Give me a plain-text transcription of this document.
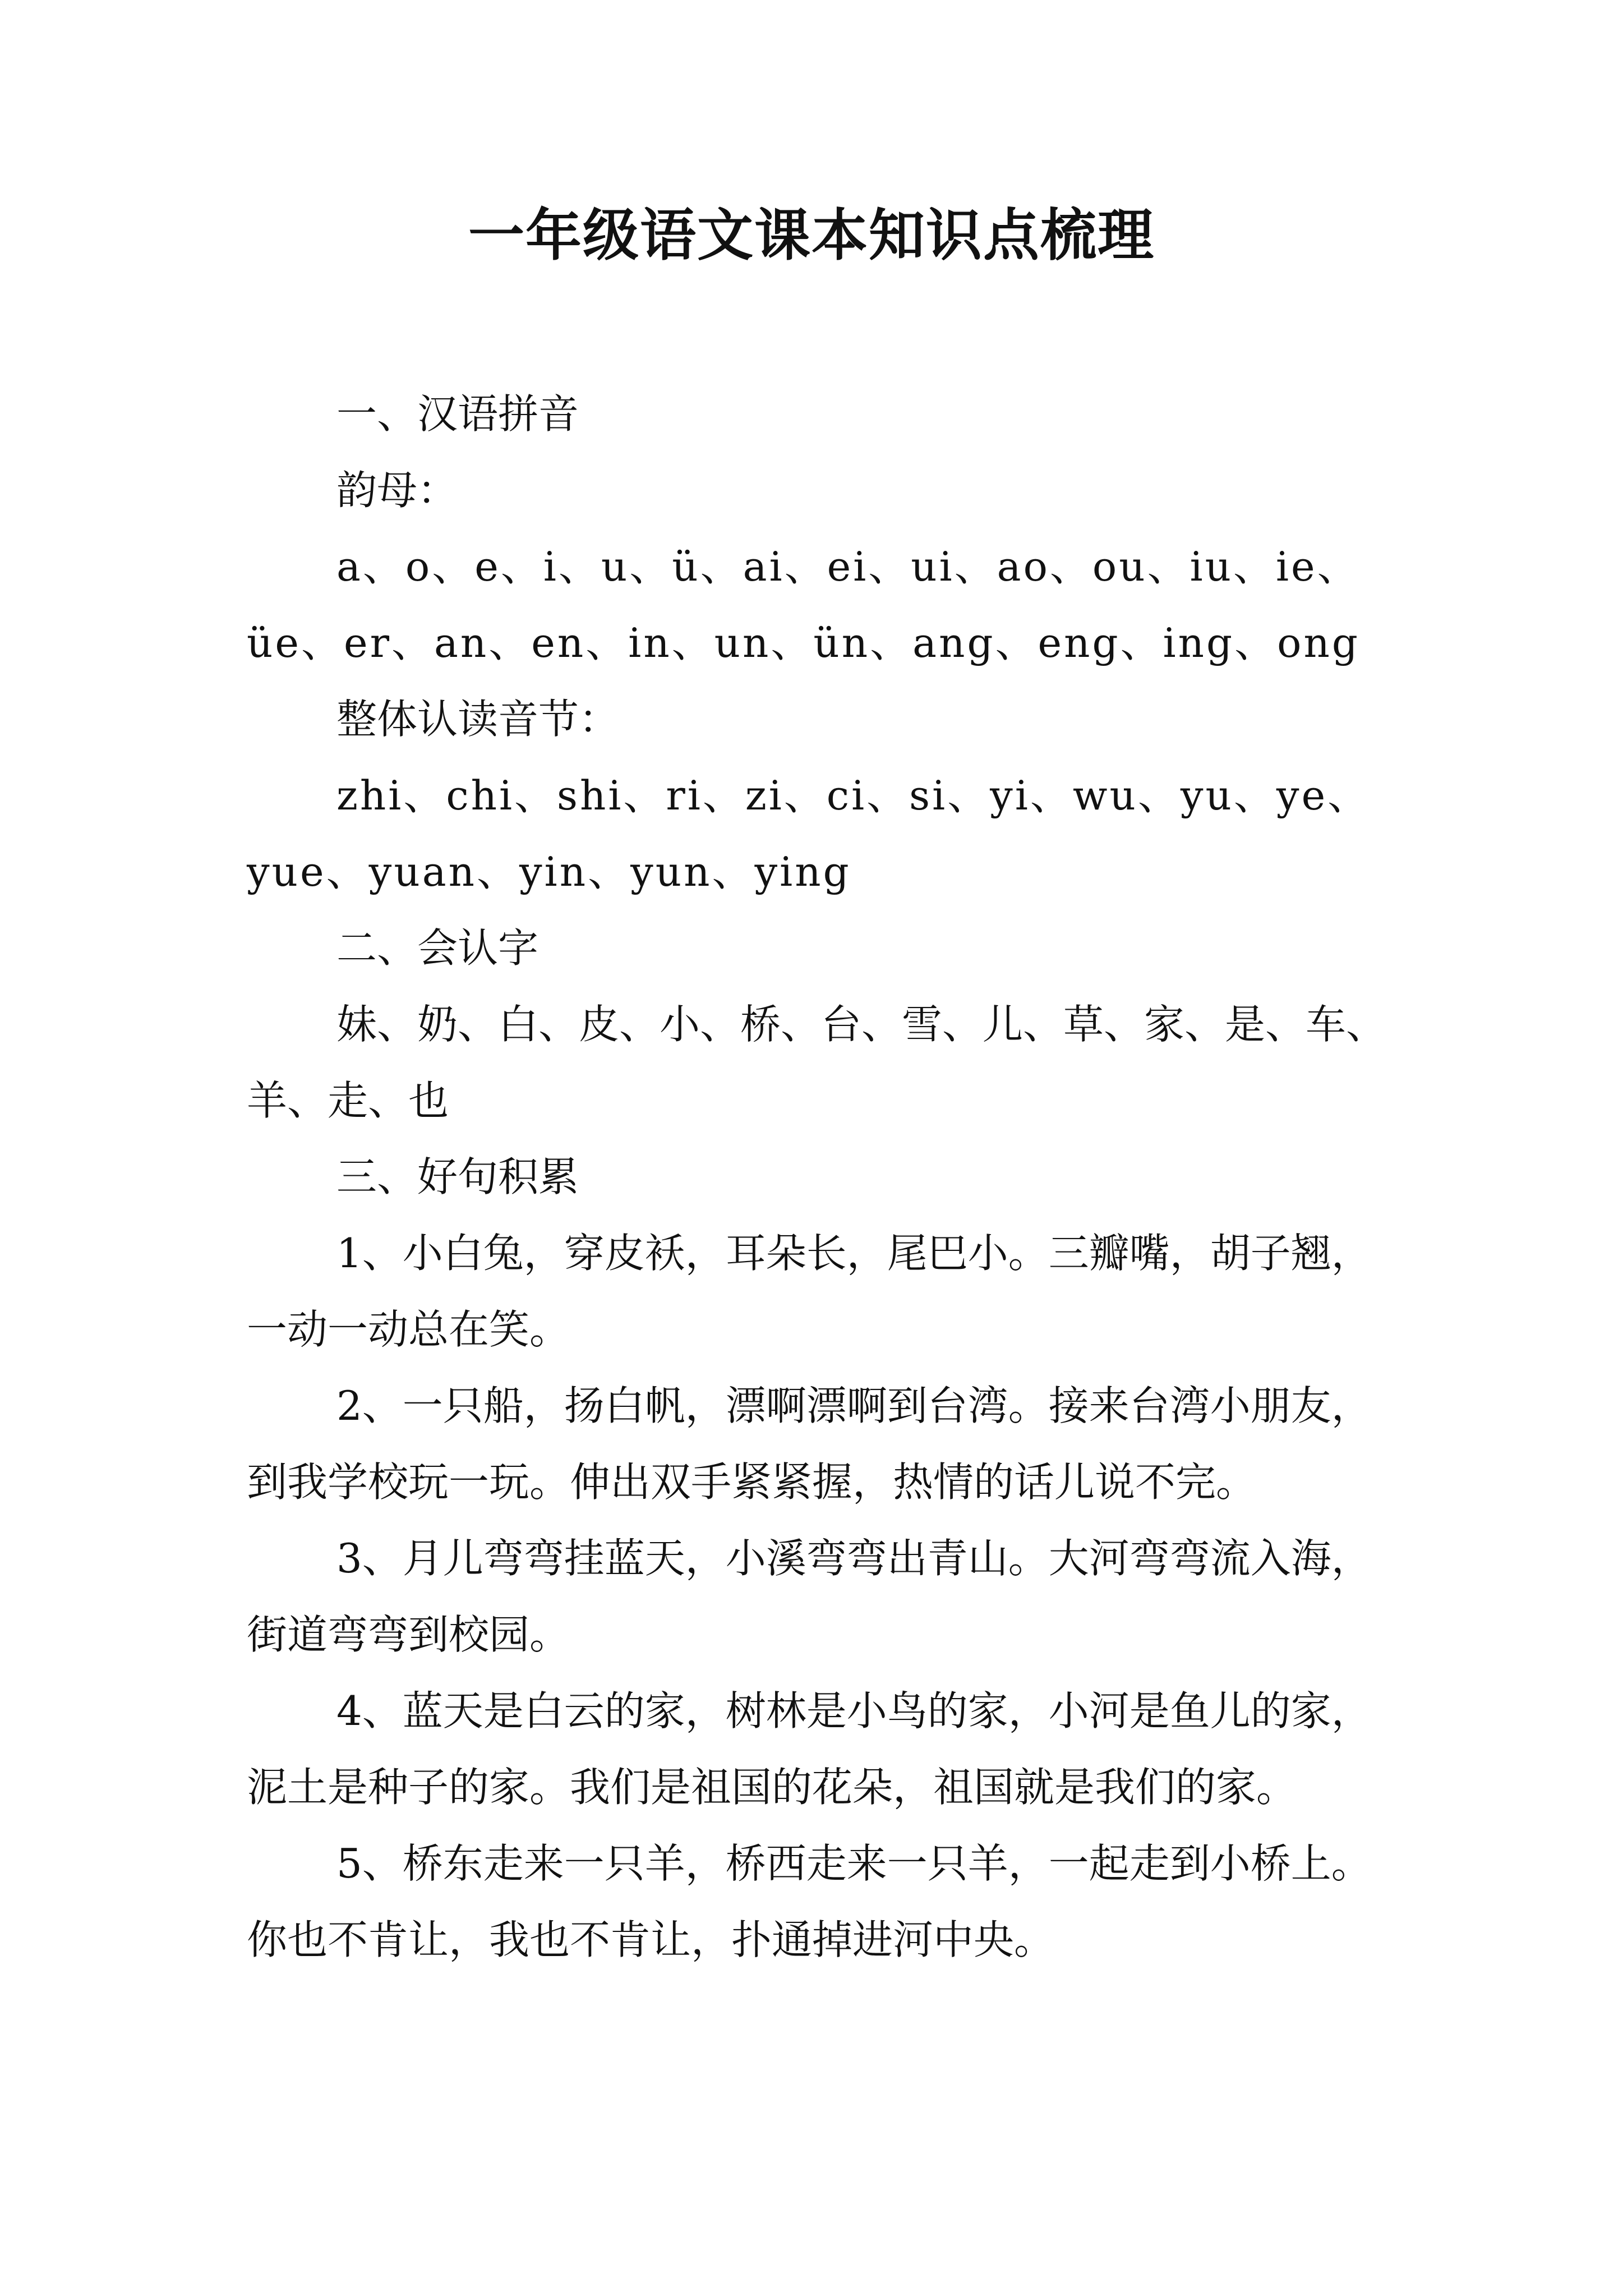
一年级语文课本知识点梳理

一、汉语拼音

韵母：

a、o、e、i、u、ü、ai、ei、ui、ao、ou、iu、ie、üe、er、an、en、in、un、ün、ang、eng、ing、ong

整体认读音节：

zhi、chi、shi、ri、zi、ci、si、yi、wu、yu、ye、yue、yuan、yin、yun、ying

二、会认字

妹、奶、白、皮、小、桥、台、雪、儿、草、家、是、车、羊、走、也

三、好句积累

1、小白兔，穿皮袄，耳朵长，尾巴小。三瓣嘴，胡子翘，一动一动总在笑。

2、一只船，扬白帆，漂啊漂啊到台湾。接来台湾小朋友，到我学校玩一玩。伸出双手紧紧握，热情的话儿说不完。

3、月儿弯弯挂蓝天，小溪弯弯出青山。大河弯弯流入海，街道弯弯到校园。

4、蓝天是白云的家，树林是小鸟的家，小河是鱼儿的家，泥土是种子的家。我们是祖国的花朵，祖国就是我们的家。

5、桥东走来一只羊，桥西走来一只羊，一起走到小桥上。你也不肯让，我也不肯让，扑通掉进河中央。
